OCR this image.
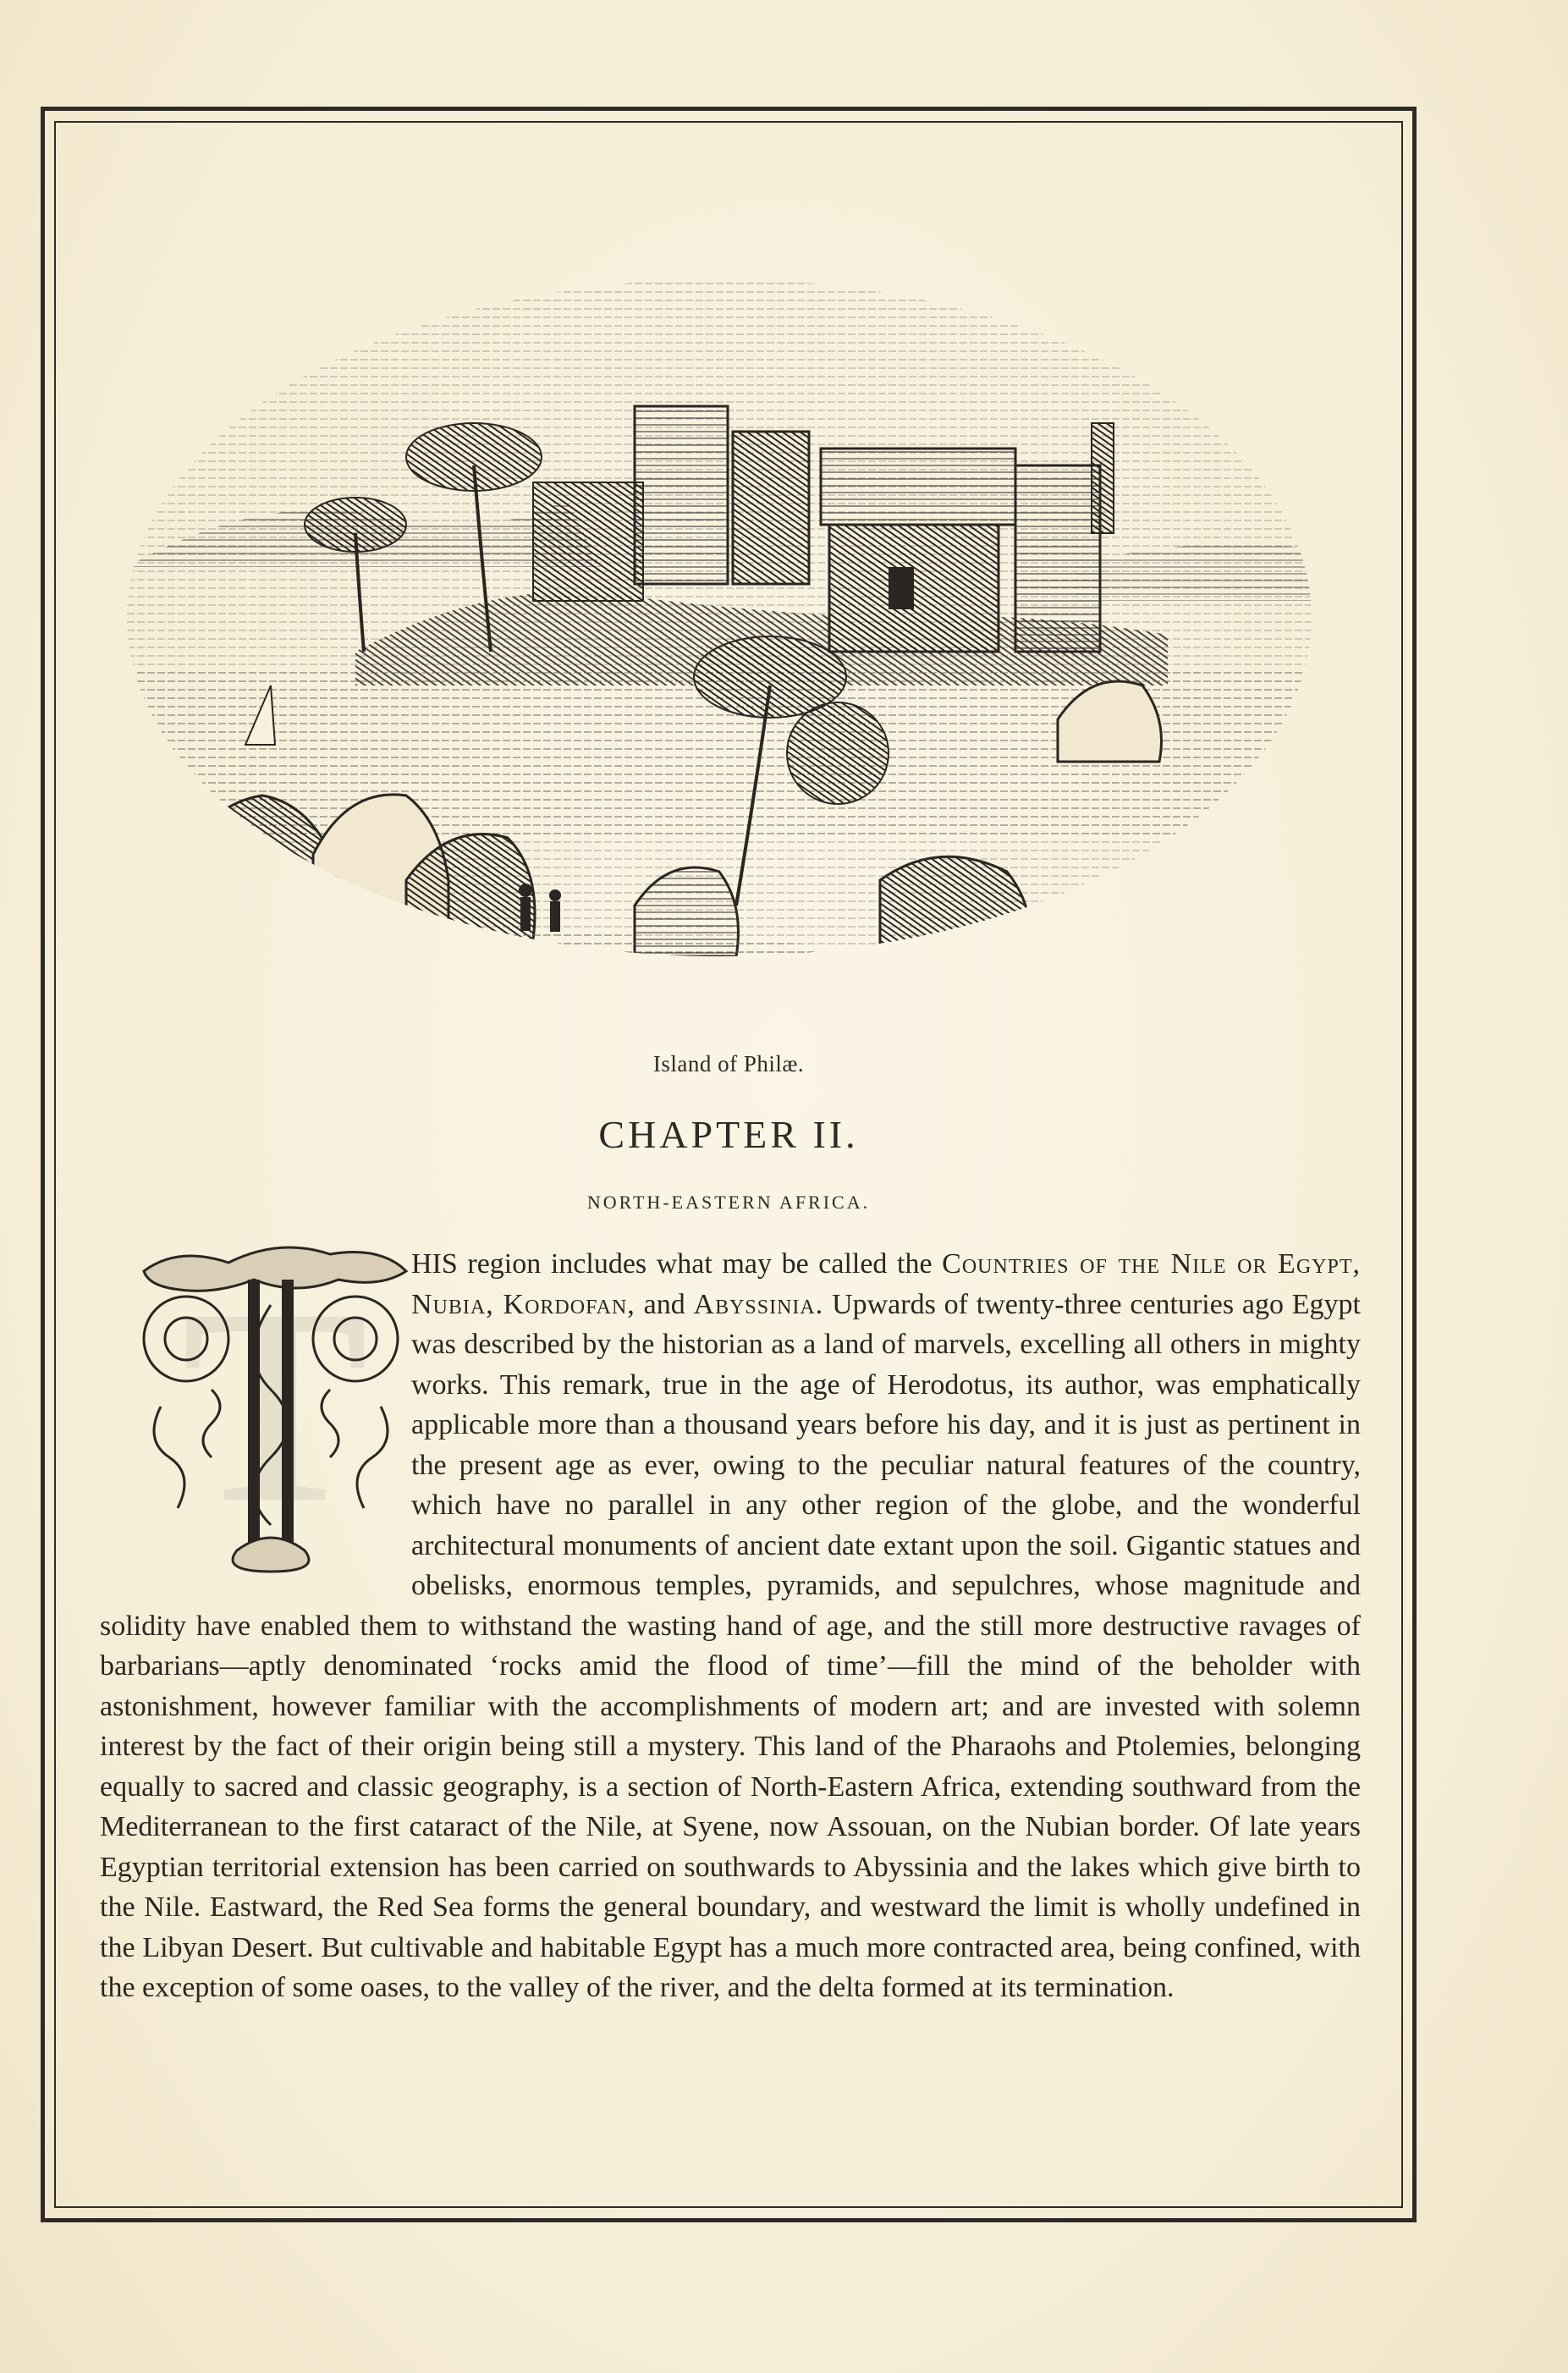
Island of Philæ.
CHAPTER II.
NORTH-EASTERN AFRICA.
T	HIS region includes what may be called the Countries of the Nile or Egypt, Nubia, Kordofan, and Abyssinia. Upwards of twenty-three centuries ago Egypt was described by the historian as a land of marvels, excelling all others in mighty works. This remark, true in the age of Herodotus, its author, was emphatically applicable more than a thousand years before his day, and it is just as pertinent in the present age as ever, owing to the peculiar natural features of the country, which have no parallel in any other region of the globe, and the wonderful architectural monuments of ancient date extant upon the soil. Gigantic statues and obelisks, enormous temples, pyramids, and sepulchres, whose magnitude and solidity have enabled them to withstand the wasting hand of age, and the still more destructive ravages of barbarians—aptly denominated ‘rocks amid the flood of time’—fill the mind of the beholder with astonishment, however familiar with the accomplishments of modern art; and are invested with solemn interest by the fact of their origin being still a mystery. This land of the Pharaohs and Ptolemies, belonging equally to sacred and classic geography, is a section of North-Eastern Africa, extending southward from the Mediterranean to the first cataract of the Nile, at Syene, now Assouan, on the Nubian border. Of late years Egyptian territorial extension has been carried on southwards to Abyssinia and the lakes which give birth to the Nile. Eastward, the Red Sea forms the general boundary, and westward the limit is wholly undefined in the Libyan Desert. But cultivable and habitable Egypt has a much more contracted area, being confined, with the exception of some oases, to the valley of the river, and the delta formed at its termination.
